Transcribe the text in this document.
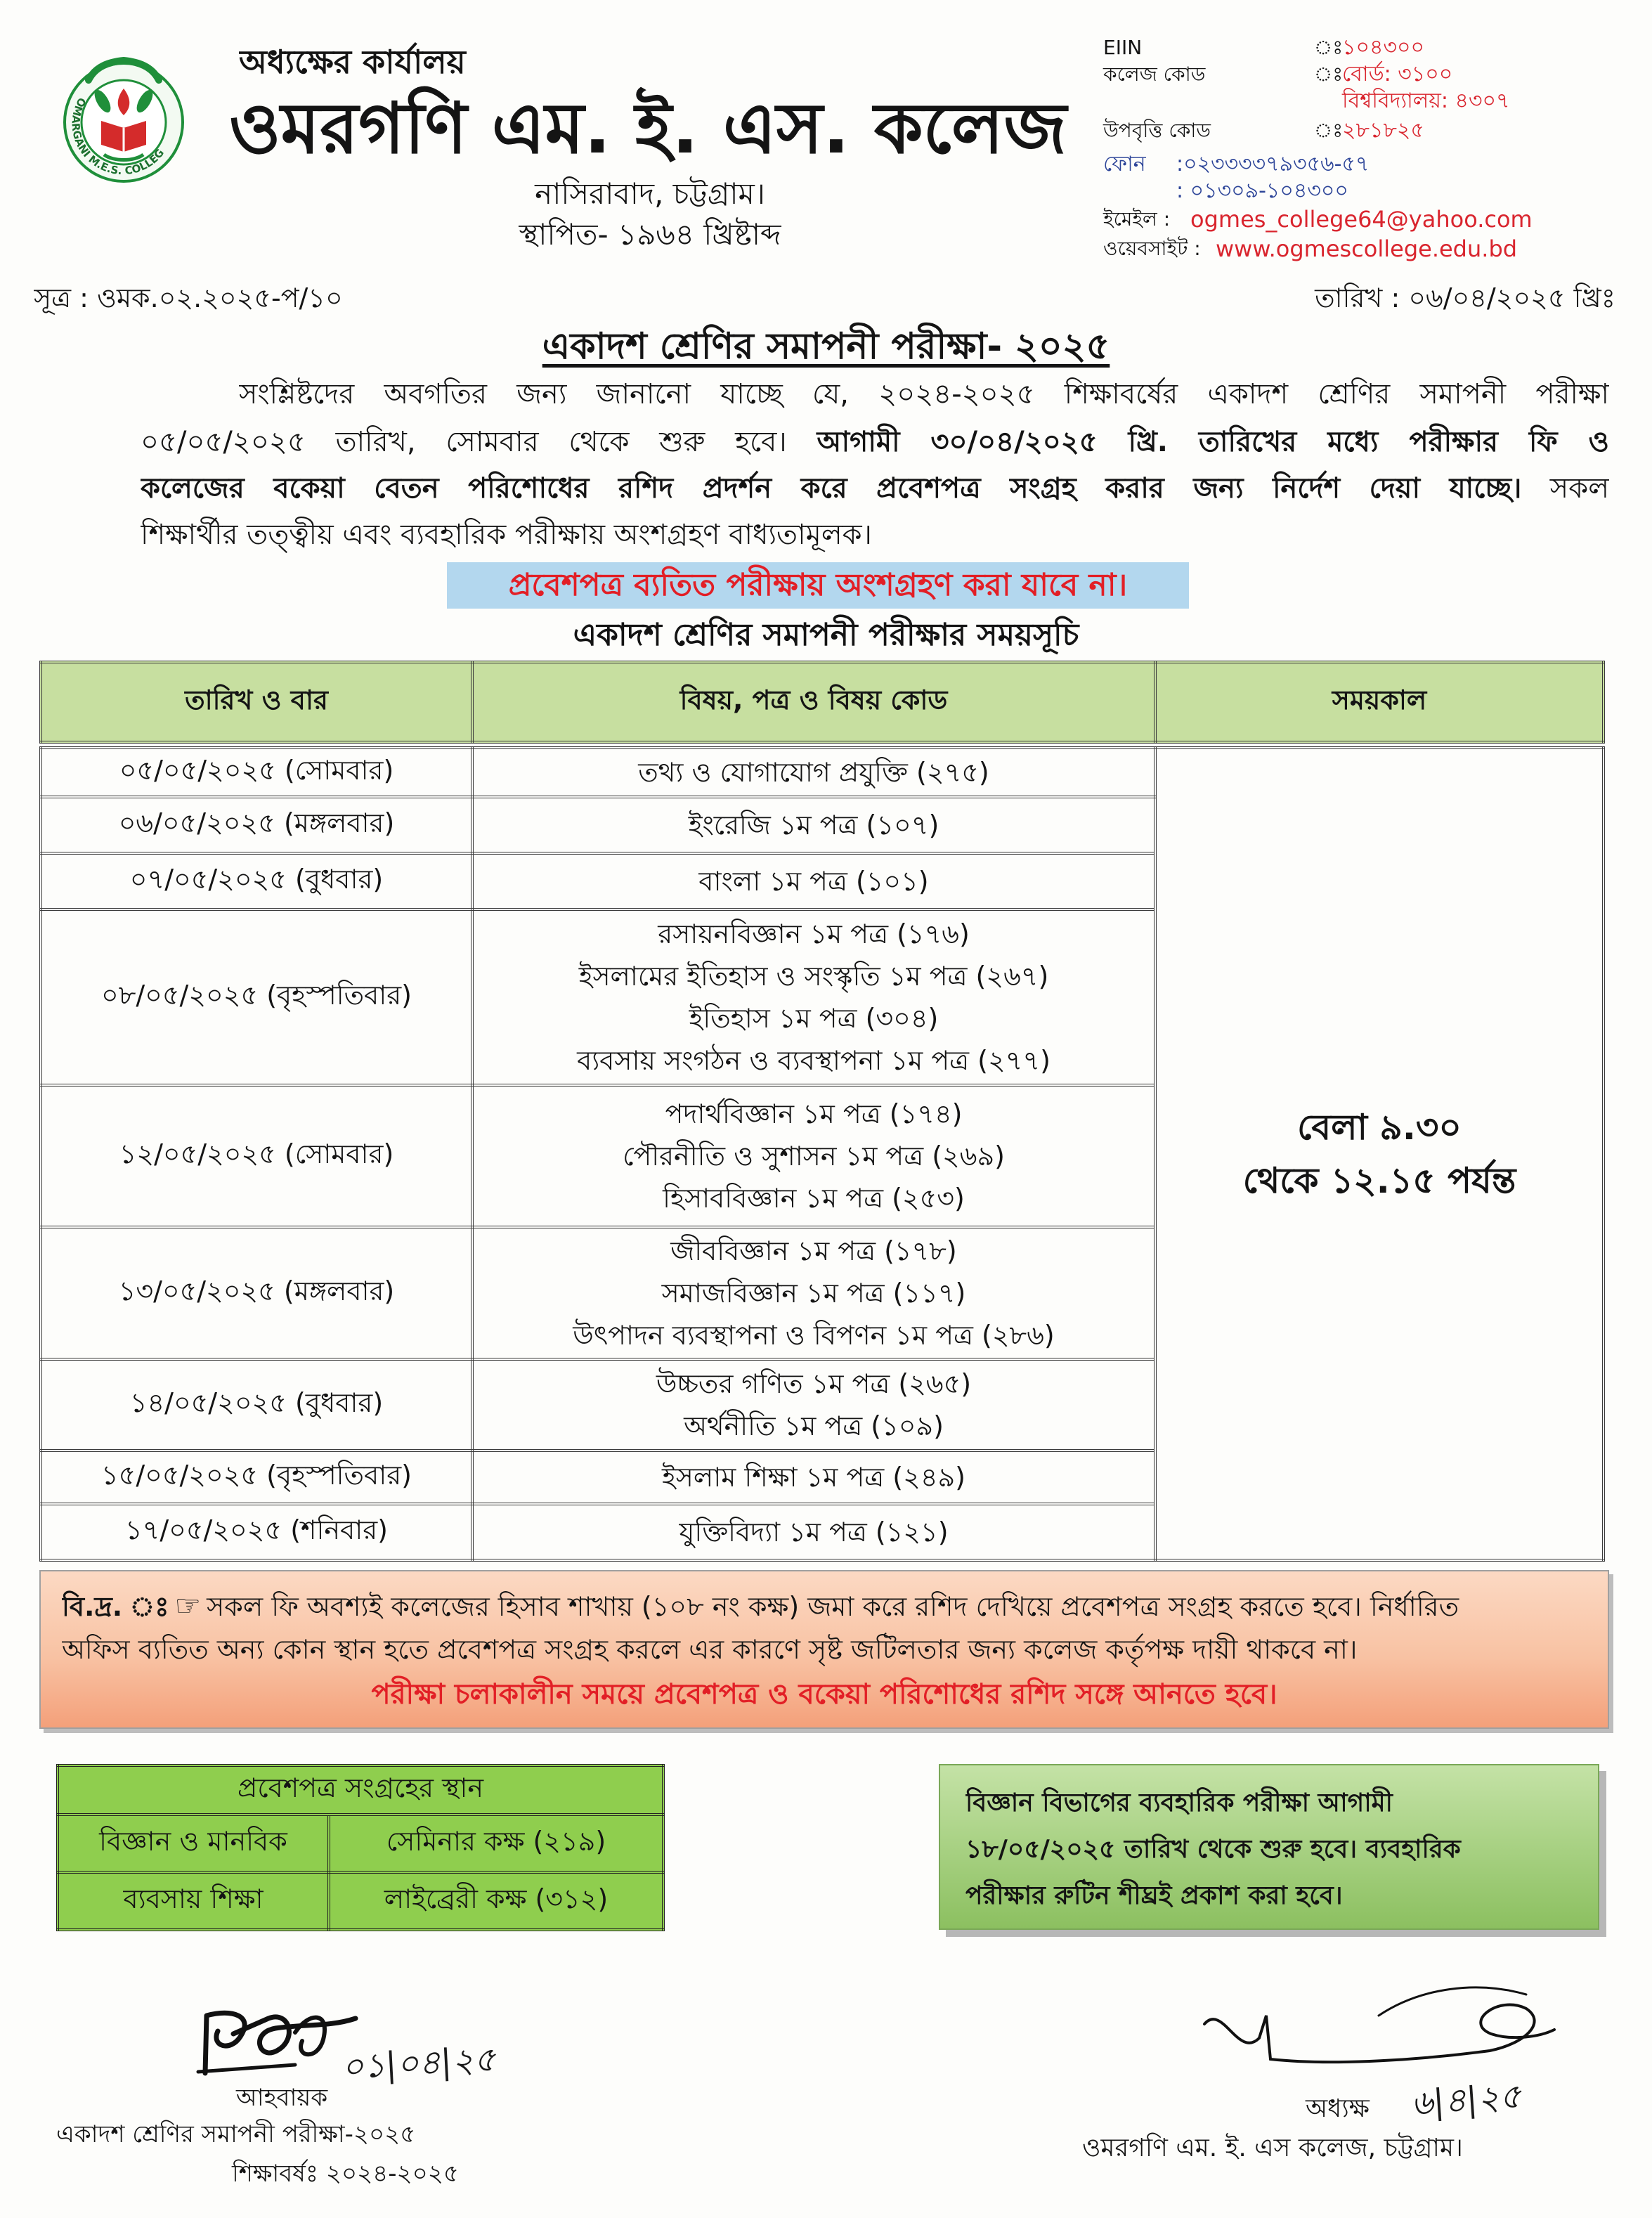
OMARGANI M.E.S. COLLEG
অধ্যক্ষের কার্যালয়
ওমরগণি এম. ই. এস. কলেজ
নাসিরাবাদ, চট্টগ্রাম।
স্থাপিত- ১৯৬৪ খ্রিষ্টাব্দ
EIIN	ঃ
১০৪৩০০
কলেজ কোড	ঃ
বোর্ড: ৩১০০
বিশ্ববিদ্যালয়: ৪৩০৭
উপবৃত্তি কোড	ঃ
২৮১৮২৫
ফোন :০২৩৩৩৩৭৯৩৫৬-৫৭
: ০১৩০৯-১০৪৩০০
ইমেইল : ogmes_college64@yahoo.com
ওয়েবসাইট : www.ogmescollege.edu.bd
সূত্র : ওমক.০২.২০২৫-প/১০	তারিখ : ০৬/০৪/২০২৫ খ্রিঃ
একাদশ শ্রেণির সমাপনী পরীক্ষা- ২০২৫
সংশ্লিষ্টদের অবগতির জন্য জানানো যাচ্ছে যে, ২০২৪-২০২৫ শিক্ষাবর্ষের একাদশ শ্রেণির সমাপনী পরীক্ষা
০৫/০৫/২০২৫ তারিখ, সোমবার থেকে শুরু হবে। আগামী ৩০/০৪/২০২৫ খ্রি. তারিখের মধ্যে পরীক্ষার ফি ও
কলেজের বকেয়া বেতন পরিশোধের রশিদ প্রদর্শন করে প্রবেশপত্র সংগ্রহ করার জন্য নির্দেশ দেয়া যাচ্ছে। সকল
শিক্ষার্থীর তত্ত্বীয় এবং ব্যবহারিক পরীক্ষায় অংশগ্রহণ বাধ্যতামূলক।
প্রবেশপত্র ব্যতিত পরীক্ষায় অংশগ্রহণ করা যাবে না।
একাদশ শ্রেণির সমাপনী পরীক্ষার সময়সূচি
তারিখ ও বার	বিষয়, পত্র ও বিষয় কোড	সময়কাল
০৫/০৫/২০২৫ (সোমবার)	তথ্য ও যোগাযোগ প্রযুক্তি (২৭৫)	বেলা ৯.৩০
থেকে ১২.১৫ পর্যন্ত

০৬/০৫/২০২৫ (মঙ্গলবার)	ইংরেজি ১ম পত্র (১০৭)	

০৭/০৫/২০২৫ (বুধবার)	বাংলা ১ম পত্র (১০১)	

০৮/০৫/২০২৫ (বৃহস্পতিবার)	রসায়নবিজ্ঞান ১ম পত্র (১৭৬)
ইসলামের ইতিহাস ও সংস্কৃতি ১ম পত্র (২৬৭)
ইতিহাস ১ম পত্র (৩০৪)
ব্যবসায় সংগঠন ও ব্যবস্থাপনা ১ম পত্র (২৭৭)	

১২/০৫/২০২৫ (সোমবার)	পদার্থবিজ্ঞান ১ম পত্র (১৭৪)
পৌরনীতি ও সুশাসন ১ম পত্র (২৬৯)
হিসাববিজ্ঞান ১ম পত্র (২৫৩)	

১৩/০৫/২০২৫ (মঙ্গলবার)	জীববিজ্ঞান ১ম পত্র (১৭৮)
সমাজবিজ্ঞান ১ম পত্র (১১৭)
উৎপাদন ব্যবস্থাপনা ও বিপণন ১ম পত্র (২৮৬)	

১৪/০৫/২০২৫ (বুধবার)	উচ্চতর গণিত ১ম পত্র (২৬৫)
অর্থনীতি ১ম পত্র (১০৯)	

১৫/০৫/২০২৫ (বৃহস্পতিবার)	ইসলাম শিক্ষা ১ম পত্র (২৪৯)	

১৭/০৫/২০২৫ (শনিবার)	যুক্তিবিদ্যা ১ম পত্র (১২১)	
বি.দ্র. ঃ ☞ সকল ফি অবশ্যই কলেজের হিসাব শাখায় (১০৮ নং কক্ষ) জমা করে রশিদ দেখিয়ে প্রবেশপত্র সংগ্রহ করতে হবে। নির্ধারিত
অফিস ব্যতিত অন্য কোন স্থান হতে প্রবেশপত্র সংগ্রহ করলে এর কারণে সৃষ্ট জটিলতার জন্য কলেজ কর্তৃপক্ষ দায়ী থাকবে না।
পরীক্ষা চলাকালীন সময়ে প্রবেশপত্র ও বকেয়া পরিশোধের রশিদ সঙ্গে আনতে হবে।
প্রবেশপত্র সংগ্রহের স্থান	
বিজ্ঞান ও মানবিক	সেমিনার কক্ষ (২১৯)
ব্যবসায় শিক্ষা	লাইব্রেরী কক্ষ (৩১২)
বিজ্ঞান বিভাগের ব্যবহারিক পরীক্ষা আগামী
১৮/০৫/২০২৫ তারিখ থেকে শুরু হবে। ব্যবহারিক
পরীক্ষার রুটিন শীঘ্রই প্রকাশ করা হবে।
০১|০৪|২৫
আহবায়ক
একাদশ শ্রেণির সমাপনী পরীক্ষা-২০২৫
শিক্ষাবর্ষঃ ২০২৪-২০২৫
অধ্যক্ষ ৬|৪|২৫
ওমরগণি এম. ই. এস কলেজ, চট্টগ্রাম।
